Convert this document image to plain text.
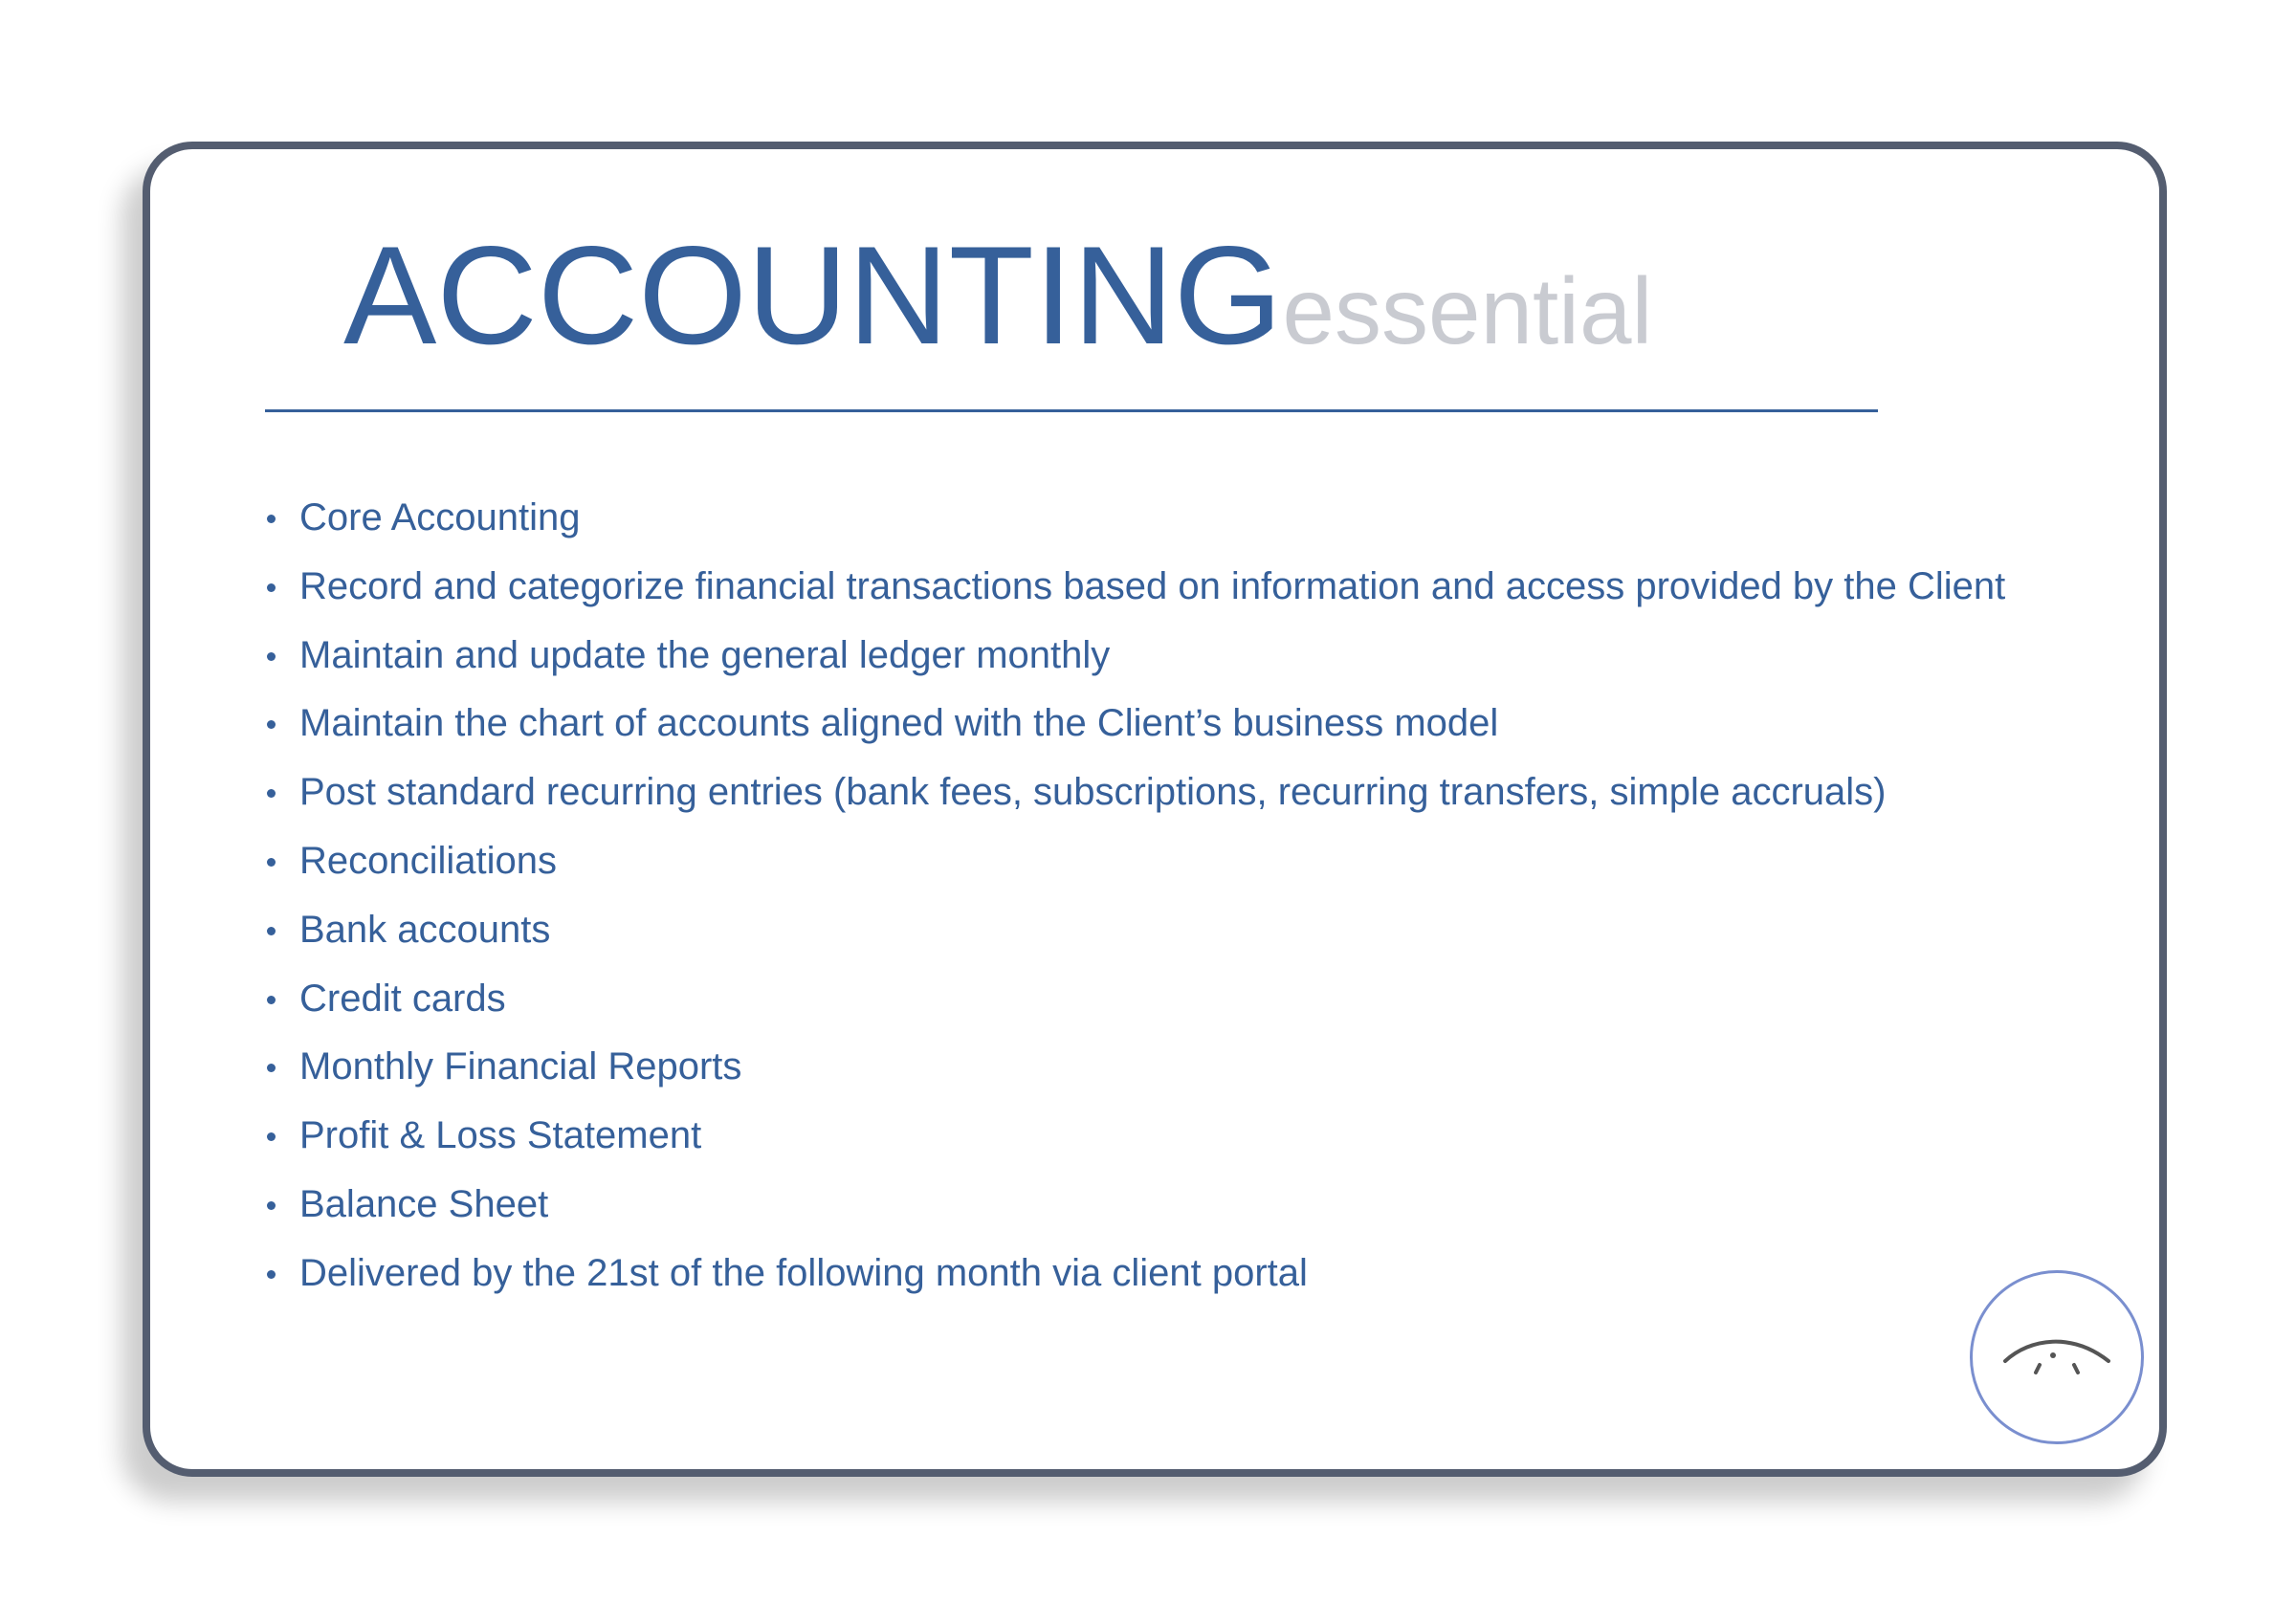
ACCOUNTINGessential
Core Accounting
Record and categorize financial transactions based on information and access provided by the Client
Maintain and update the general ledger monthly
Maintain the chart of accounts aligned with the Client’s business model
Post standard recurring entries (bank fees, subscriptions, recurring transfers, simple accruals)
Reconciliations
Bank accounts
Credit cards
Monthly Financial Reports
Profit & Loss Statement
Balance Sheet
Delivered by the 21st of the following month via client portal
